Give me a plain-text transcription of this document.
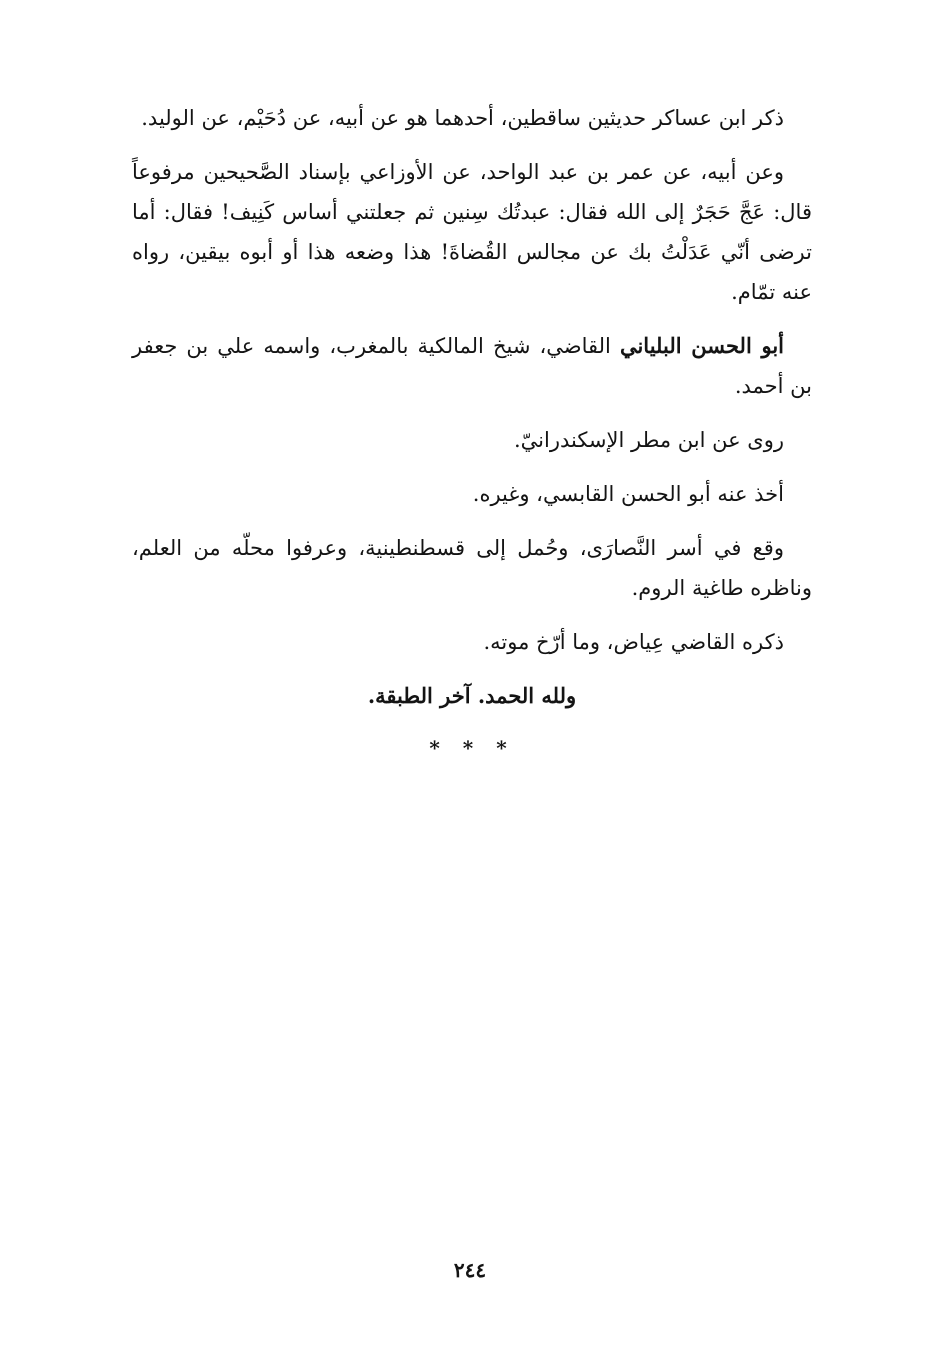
ذكر ابن عساكر حديثين ساقطين، أحدهما هو عن أبيه، عن دُحَيْم، عن الوليد.

وعن أبيه، عن عمر بن عبد الواحد، عن الأوزاعي بإسناد الصَّحيحين مرفوعاً قال: عَجَّ حَجَرٌ إلى الله فقال: عبدتُك سِنين ثم جعلتني أساس كَنِيف! فقال: أما ترضى أنّي عَدَلْتُ بك عن مجالس القُضاةَ! هذا وضعه هذا أو أبوه بيقين، رواه عنه تمّام.

أبو الحسن البلياني القاضي، شيخ المالكية بالمغرب، واسمه علي بن جعفر بن أحمد.

روى عن ابن مطر الإسكندرانيّ.

أخذ عنه أبو الحسن القابسي، وغيره.

وقع في أسر النَّصارَى، وحُمل إلى قسطنطينية، وعرفوا محلّه من العلم، وناظره طاغية الروم.

ذكره القاضي عِياض، وما أرّخ موته.

ولله الحمد. آخر الطبقة.

* * *
٢٤٤
